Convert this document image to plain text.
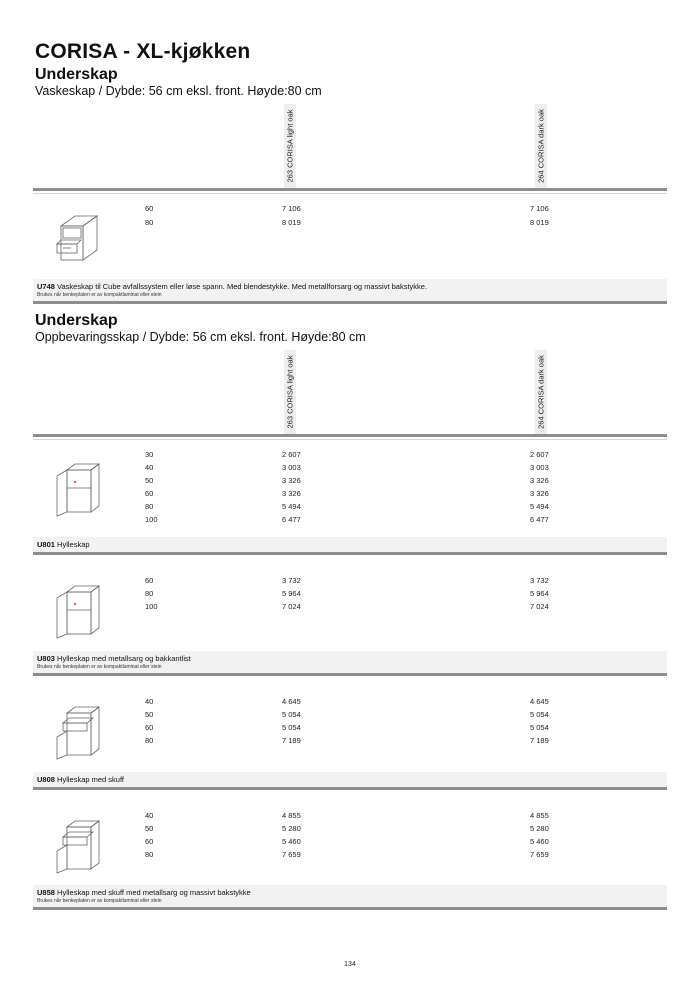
CORISA - XL-kjøkken
Underskap
Vaskeskap / Dybde: 56 cm eksl. front. Høyde:80 cm
263 CORISA light oak	264 CORISA dark oak
60	7 106	7 106
80	8 019	8 019
U748 Vaskeskap til Cube avfallssystem eller løse spann. Med blendestykke. Med metallforsarg og massivt bakstykke.
Brukes når benkeplaten er av kompaktlaminat eller stein
Underskap
Oppbevaringsskap / Dybde: 56 cm eksl. front. Høyde:80 cm
263 CORISA light oak	264 CORISA dark oak
30	2 607	2 607
40	3 003	3 003
50	3 326	3 326
60	3 326	3 326
80	5 494	5 494
100	6 477	6 477
U801 Hylleskap
60	3 732	3 732
80	5 964	5 964
100	7 024	7 024
U803 Hylleskap med metallsarg og bakkantlist
Brukes når benkeplaten er av kompaktlaminat eller stein
40	4 645	4 645
50	5 054	5 054
60	5 054	5 054
80	7 189	7 189
U808 Hylleskap med skuff
40	4 855	4 855
50	5 280	5 280
60	5 460	5 460
80	7 659	7 659
U858 Hylleskap med skuff med metallsarg og massivt bakstykke
Brukes når benkeplaten er av kompaktlaminat eller stein
134
